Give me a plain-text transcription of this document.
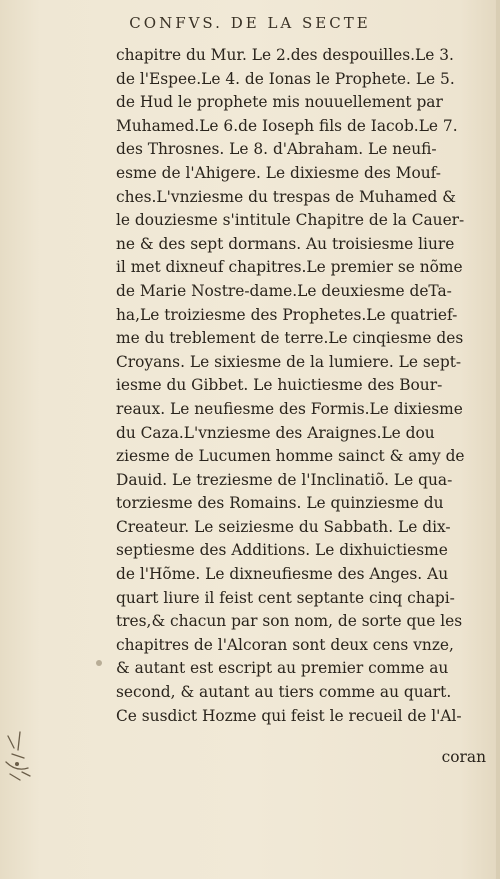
CONFVS. DE LA SECTE
chapitre du Mur. Le 2.des despouilles.Le 3.
de l'Espee.Le 4. de Ionas le Prophete. Le 5.
de Hud le prophete mis nouuellement par
Muhamed.Le 6.de Ioseph fils de Iacob.Le 7.
des Throsnes. Le 8. d'Abraham. Le neufi-
esme de l'Ahigere. Le dixiesme des Mouf-
ches.L'vnziesme du trespas de Muhamed &
le douziesme s'intitule Chapitre de la Cauer-
ne & des sept dormans. Au troisiesme liure
il met dixneuf chapitres.Le premier se nõme
de Marie Nostre-dame.Le deuxiesme deTa-
ha,Le troiziesme des Prophetes.Le quatrief-
me du treblement de terre.Le cinqiesme des
Croyans. Le sixiesme de la lumiere. Le sept-
iesme du Gibbet. Le huictiesme des Bour-
reaux. Le neufiesme des Formis.Le dixiesme
du Caza.L'vnziesme des Araignes.Le dou
ziesme de Lucumen homme sainct & amy de
Dauid. Le treziesme de l'Inclinatiõ. Le qua-
torziesme des Romains. Le quinziesme du
Createur. Le seiziesme du Sabbath. Le dix-
septiesme des Additions. Le dixhuictiesme
de l'Hõme. Le dixneufiesme des Anges. Au
quart liure il feist cent septante cinq chapi-
tres,& chacun par son nom, de sorte que les
chapitres de l'Alcoran sont deux cens vnze,
& autant est escript au premier comme au
second, & autant au tiers comme au quart.
Ce susdict Hozme qui feist le recueil de l'Al-
coran
